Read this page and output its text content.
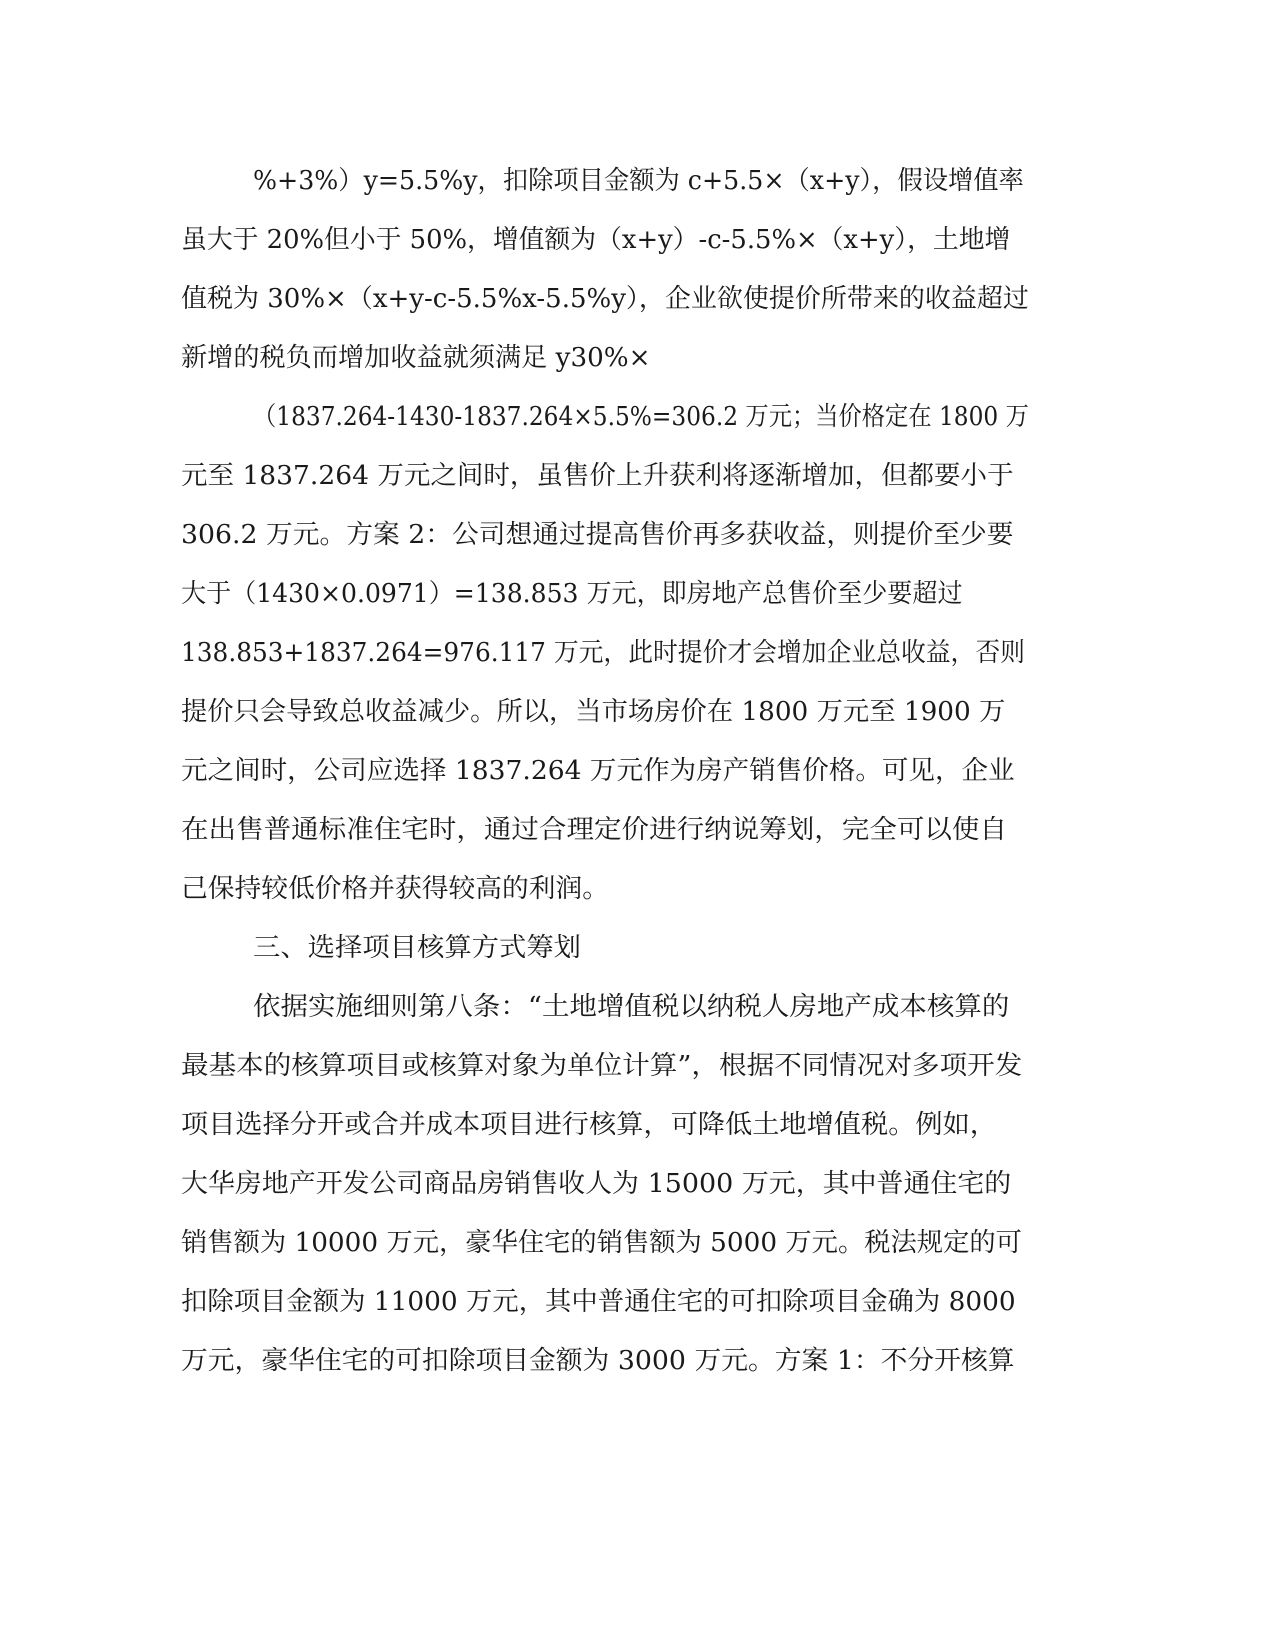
%+3%）y=5.5%y，扣除项目金额为 c+5.5×（x+y），假设增值率
虽大于 20%但小于 50%，增值额为（x+y）-c-5.5%×（x+y），土地增
值税为 30%×（x+y-c-5.5%x-5.5%y），企业欲使提价所带来的收益超过
新增的税负而增加收益就须满足 y30%×
（1837.264-1430-1837.264×5.5%=306.2 万元；当价格定在 1800 万
元至 1837.264 万元之间时，虽售价上升获利将逐渐增加，但都要小于
306.2 万元。方案 2：公司想通过提高售价再多获收益，则提价至少要
大于（1430×0.0971）=138.853 万元，即房地产总售价至少要超过
138.853+1837.264=976.117 万元，此时提价才会增加企业总收益，否则
提价只会导致总收益减少。所以，当市场房价在 1800 万元至 1900 万
元之间时，公司应选择 1837.264 万元作为房产销售价格。可见，企业
在出售普通标准住宅时，通过合理定价进行纳说筹划，完全可以使自
己保持较低价格并获得较高的利润。
三、选择项目核算方式筹划
依据实施细则第八条：“土地增值税以纳税人房地产成本核算的
最基本的核算项目或核算对象为单位计算”，根据不同情况对多项开发
项目选择分开或合并成本项目进行核算，可降低土地增值税。例如，
大华房地产开发公司商品房销售收人为 15000 万元，其中普通住宅的
销售额为 10000 万元，豪华住宅的销售额为 5000 万元。税法规定的可
扣除项目金额为 11000 万元，其中普通住宅的可扣除项目金确为 8000
万元，豪华住宅的可扣除项目金额为 3000 万元。方案 1：不分开核算
